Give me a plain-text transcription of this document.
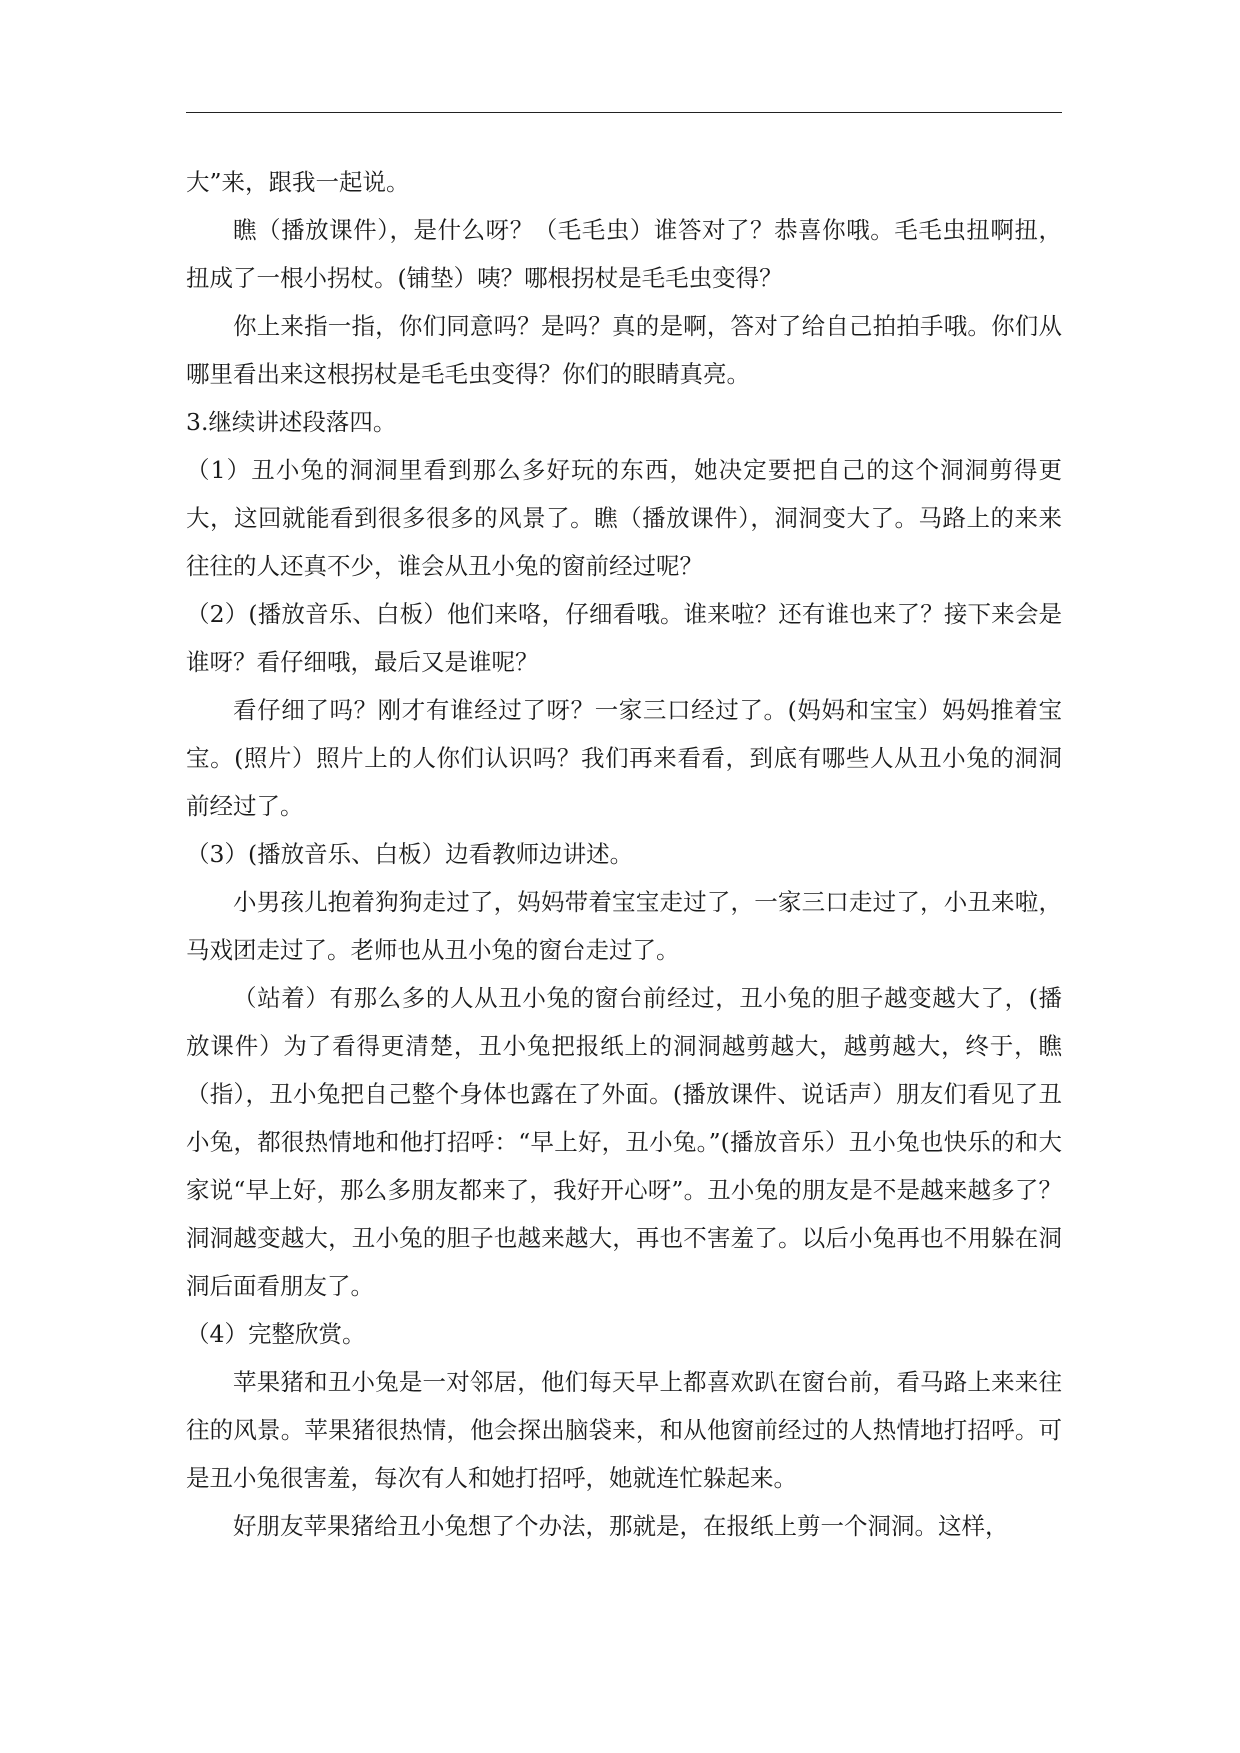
大”来，跟我一起说。

瞧（播放课件），是什么呀？（毛毛虫）谁答对了？恭喜你哦。毛毛虫扭啊扭，扭成了一根小拐杖。(铺垫）咦？哪根拐杖是毛毛虫变得？

你上来指一指，你们同意吗？是吗？真的是啊，答对了给自己拍拍手哦。你们从哪里看出来这根拐杖是毛毛虫变得？你们的眼睛真亮。

3.继续讲述段落四。

（1）丑小兔的洞洞里看到那么多好玩的东西，她决定要把自己的这个洞洞剪得更大，这回就能看到很多很多的风景了。瞧（播放课件），洞洞变大了。马路上的来来往往的人还真不少，谁会从丑小兔的窗前经过呢？

（2）(播放音乐、白板）他们来咯，仔细看哦。谁来啦？还有谁也来了？接下来会是谁呀？看仔细哦，最后又是谁呢？

看仔细了吗？刚才有谁经过了呀？一家三口经过了。(妈妈和宝宝）妈妈推着宝宝。(照片）照片上的人你们认识吗？我们再来看看，到底有哪些人从丑小兔的洞洞前经过了。

（3）(播放音乐、白板）边看教师边讲述。

小男孩儿抱着狗狗走过了，妈妈带着宝宝走过了，一家三口走过了，小丑来啦，马戏团走过了。老师也从丑小兔的窗台走过了。

（站着）有那么多的人从丑小兔的窗台前经过，丑小兔的胆子越变越大了，(播放课件）为了看得更清楚，丑小兔把报纸上的洞洞越剪越大，越剪越大，终于，瞧（指），丑小兔把自己整个身体也露在了外面。(播放课件、说话声）朋友们看见了丑小兔，都很热情地和他打招呼：“早上好，丑小兔。”(播放音乐）丑小兔也快乐的和大家说“早上好，那么多朋友都来了，我好开心呀”。丑小兔的朋友是不是越来越多了？洞洞越变越大，丑小兔的胆子也越来越大，再也不害羞了。以后小兔再也不用躲在洞洞后面看朋友了。

（4）完整欣赏。

苹果猪和丑小兔是一对邻居，他们每天早上都喜欢趴在窗台前，看马路上来来往往的风景。苹果猪很热情，他会探出脑袋来，和从他窗前经过的人热情地打招呼。可是丑小兔很害羞，每次有人和她打招呼，她就连忙躲起来。

好朋友苹果猪给丑小兔想了个办法，那就是，在报纸上剪一个洞洞。这样，
